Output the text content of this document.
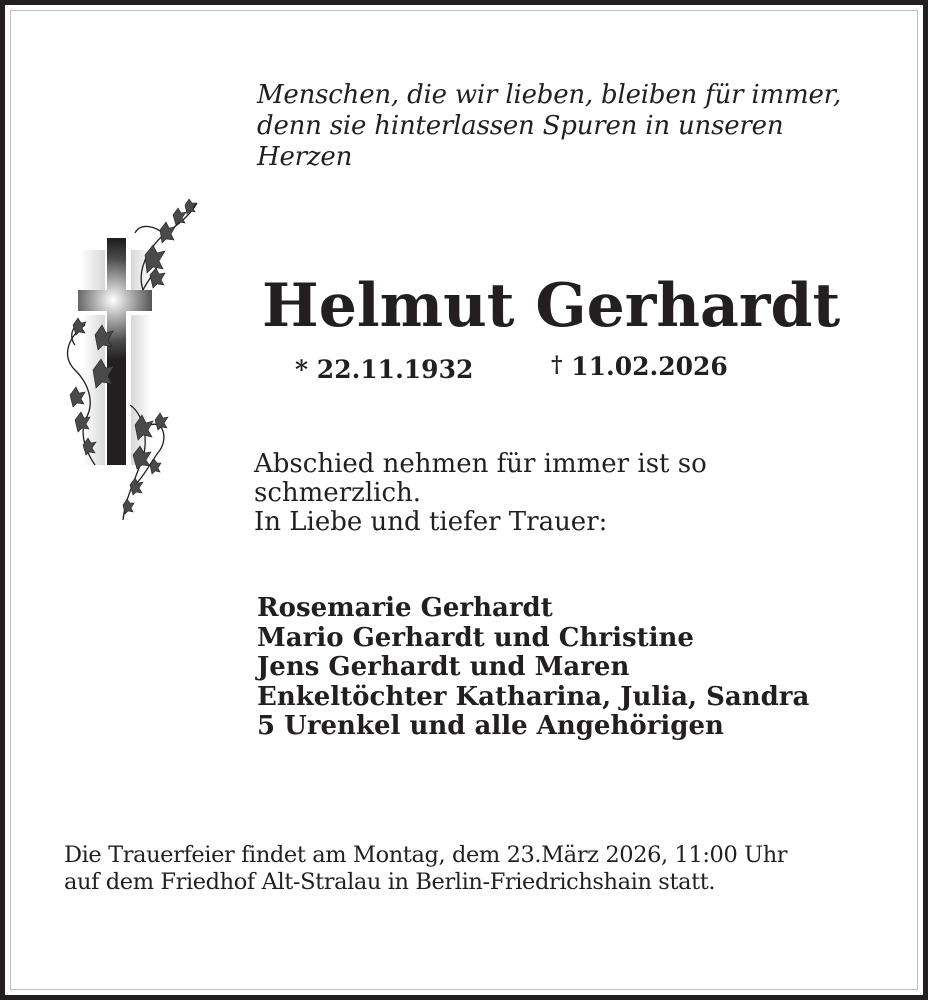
Menschen, die wir lieben, bleiben für immer,
denn sie hinterlassen Spuren in unseren
Herzen
Helmut Gerhardt
* 22.11.1932	† 11.02.2026
Abschied nehmen für immer ist so
schmerzlich.
In Liebe und tiefer Trauer:
Rosemarie Gerhardt
Mario Gerhardt und Christine
Jens Gerhardt und Maren
Enkeltöchter Katharina, Julia, Sandra
5 Urenkel und alle Angehörigen
Die Trauerfeier findet am Montag, dem 23.März 2026, 11:00 Uhr
auf dem Friedhof Alt-Stralau in Berlin-Friedrichshain statt.
